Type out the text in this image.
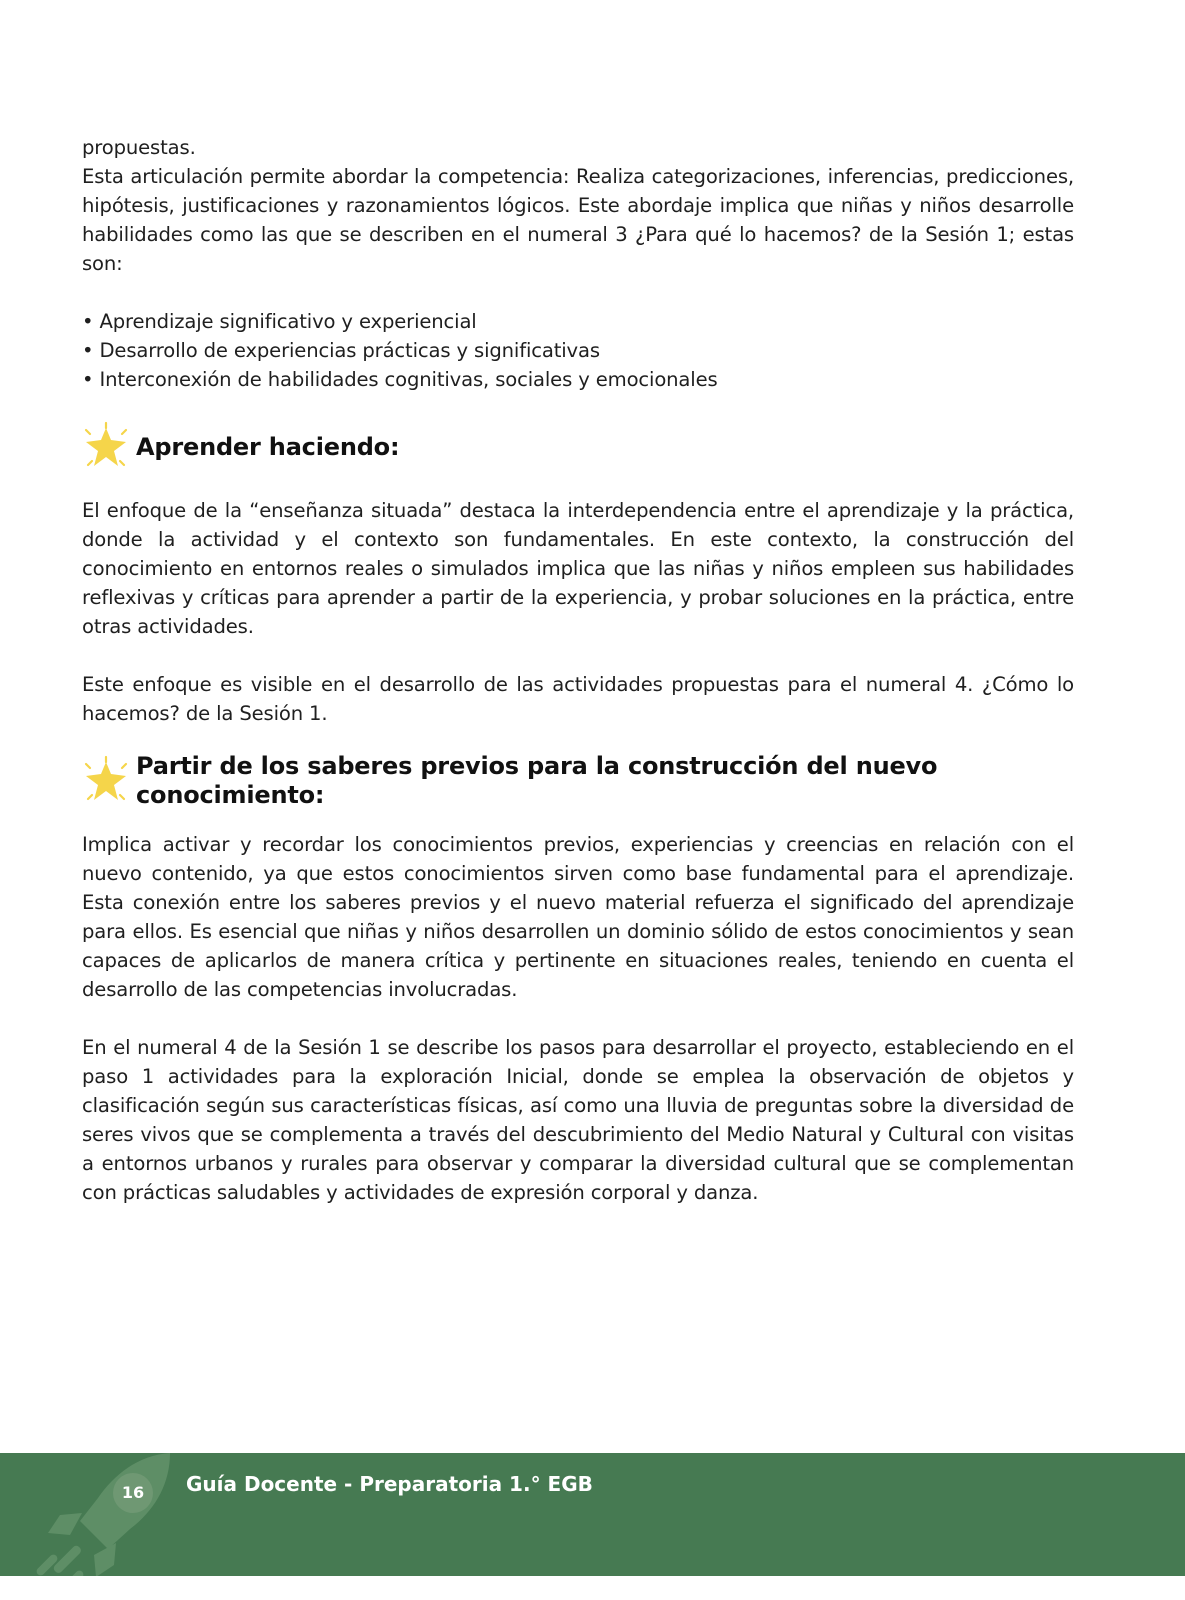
propuestas.

Esta articulación permite abordar la competencia: Realiza categorizaciones, inferencias, predicciones, hipótesis, justificaciones y razonamientos lógicos. Este abordaje implica que niñas y niños desarrolle habilidades como las que se describen en el numeral 3 ¿Para qué lo hacemos? de la Sesión 1; estas son:

• Aprendizaje significativo y experiencial
• Desarrollo de experiencias prácticas y significativas
• Interconexión de habilidades cognitivas, sociales y emocionales
Aprender haciendo:

El enfoque de la “enseñanza situada” destaca la interdependencia entre el aprendizaje y la práctica, donde la actividad y el contexto son fundamentales. En este contexto, la construcción del conocimiento en entornos reales o simulados implica que las niñas y niños empleen sus habilidades reflexivas y críticas para aprender a partir de la experiencia, y probar soluciones en la práctica, entre otras actividades.

Este enfoque es visible en el desarrollo de las actividades propuestas para el numeral 4. ¿Cómo lo hacemos? de la Sesión 1.

Partir de los saberes previos para la construcción del nuevo conocimiento:

Implica activar y recordar los conocimientos previos, experiencias y creencias en relación con el nuevo contenido, ya que estos conocimientos sirven como base fundamental para el aprendizaje. Esta conexión entre los saberes previos y el nuevo material refuerza el significado del aprendizaje para ellos. Es esencial que niñas y niños desarrollen un dominio sólido de estos conocimientos y sean capaces de aplicarlos de manera crítica y pertinente en situaciones reales, teniendo en cuenta el desarrollo de las competencias involucradas.

En el numeral 4 de la Sesión 1 se describe los pasos para desarrollar el proyecto, estableciendo en el paso 1 actividades para la exploración Inicial, donde se emplea la observación de objetos y clasificación según sus características físicas, así como una lluvia de preguntas sobre la diversidad de seres vivos que se complementa a través del descubrimiento del Medio Natural y Cultural con visitas a entornos urbanos y rurales para observar y comparar la diversidad cultural que se complementan con prácticas saludables y actividades de expresión corporal y danza.

16	Guía Docente - Preparatoria 1.° EGB
